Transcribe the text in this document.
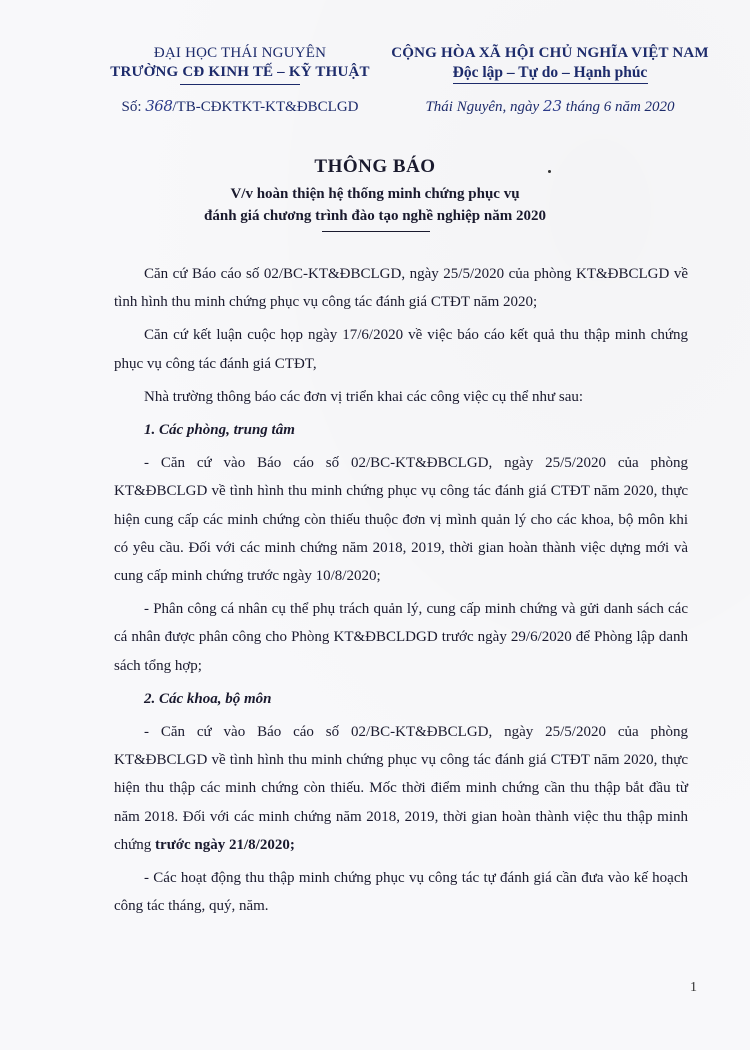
ĐẠI HỌC THÁI NGUYÊN
TRƯỜNG CĐ KINH TẾ – KỸ THUẬT
CỘNG HÒA XÃ HỘI CHỦ NGHĨA VIỆT NAM
Độc lập – Tự do – Hạnh phúc
Số: 368/TB-CĐKTKT-KT&ĐBCLGD	Thái Nguyên, ngày 23 tháng 6 năm 2020
THÔNG BÁO
V/v hoàn thiện hệ thống minh chứng phục vụ
đánh giá chương trình đào tạo nghề nghiệp năm 2020

Căn cứ Báo cáo số 02/BC-KT&ĐBCLGD, ngày 25/5/2020 của phòng KT&ĐBCLGD về tình hình thu minh chứng phục vụ công tác đánh giá CTĐT năm 2020;

Căn cứ kết luận cuộc họp ngày 17/6/2020 về việc báo cáo kết quả thu thập minh chứng phục vụ công tác đánh giá CTĐT,

Nhà trường thông báo các đơn vị triển khai các công việc cụ thể như sau:

1. Các phòng, trung tâm

- Căn cứ vào Báo cáo số 02/BC-KT&ĐBCLGD, ngày 25/5/2020 của phòng KT&ĐBCLGD về tình hình thu minh chứng phục vụ công tác đánh giá CTĐT năm 2020, thực hiện cung cấp các minh chứng còn thiếu thuộc đơn vị mình quản lý cho các khoa, bộ môn khi có yêu cầu. Đối với các minh chứng năm 2018, 2019, thời gian hoàn thành việc dựng mới và cung cấp minh chứng trước ngày 10/8/2020;

- Phân công cá nhân cụ thể phụ trách quản lý, cung cấp minh chứng và gửi danh sách các cá nhân được phân công cho Phòng KT&ĐBCLDGD trước ngày 29/6/2020 để Phòng lập danh sách tổng hợp;

2. Các khoa, bộ môn

- Căn cứ vào Báo cáo số 02/BC-KT&ĐBCLGD, ngày 25/5/2020 của phòng KT&ĐBCLGD về tình hình thu minh chứng phục vụ công tác đánh giá CTĐT năm 2020, thực hiện thu thập các minh chứng còn thiếu. Mốc thời điểm minh chứng cần thu thập bắt đầu từ năm 2018. Đối với các minh chứng năm 2018, 2019, thời gian hoàn thành việc thu thập minh chứng trước ngày 21/8/2020;

- Các hoạt động thu thập minh chứng phục vụ công tác tự đánh giá cần đưa vào kế hoạch công tác tháng, quý, năm.

1
